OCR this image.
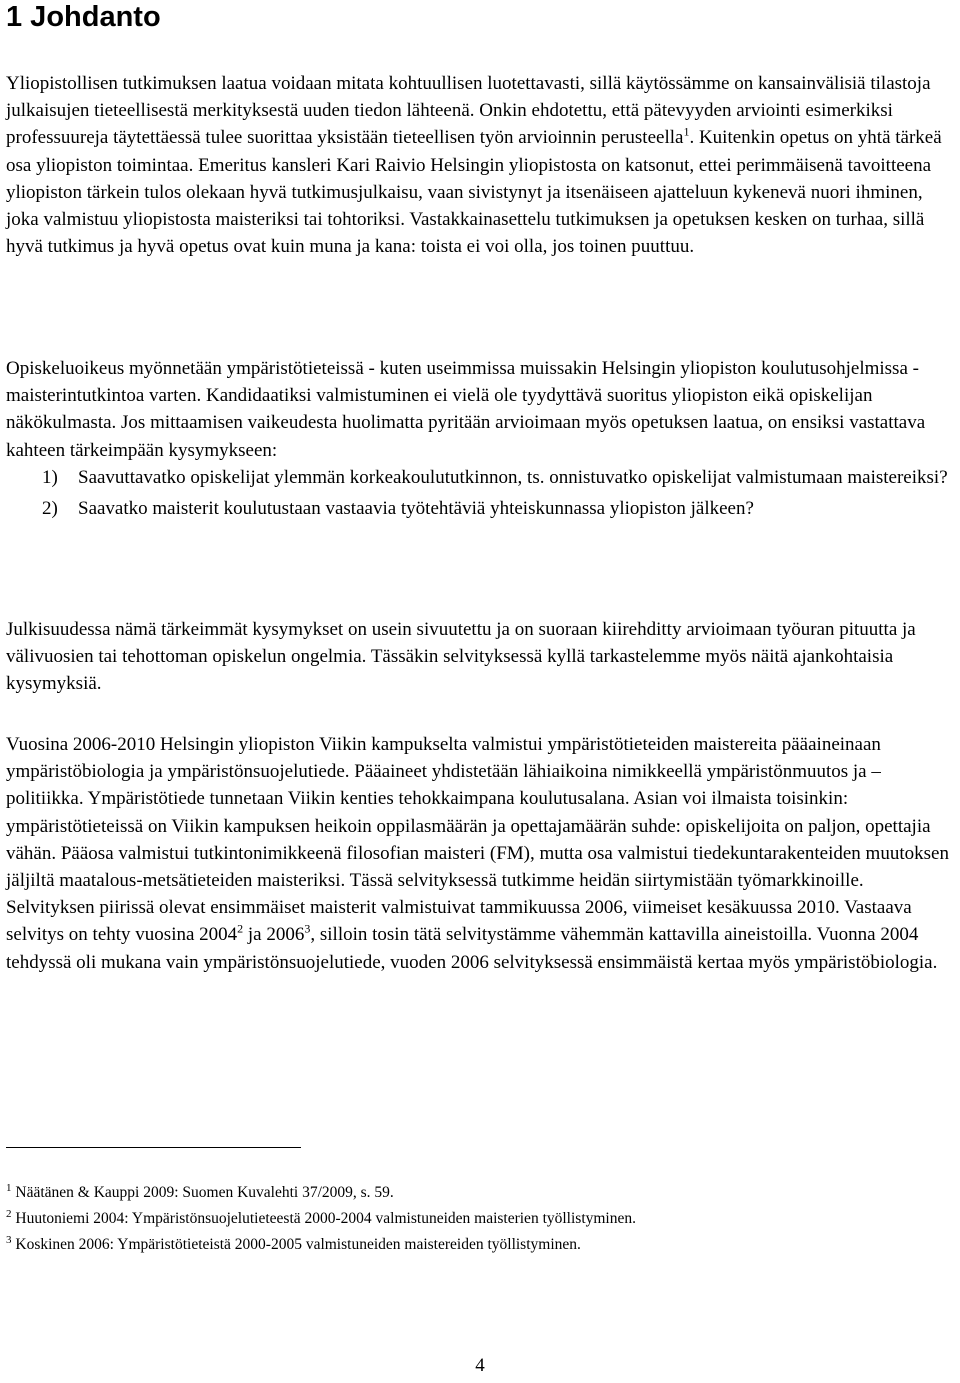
1 Johdanto

Yliopistollisen tutkimuksen laatua voidaan mitata kohtuullisen luotettavasti, sillä käytössämme on kansainvälisiä tilastoja julkaisujen tieteellisestä merkityksestä uuden tiedon lähteenä. Onkin ehdotettu, että pätevyyden arviointi esimerkiksi professuureja täytettäessä tulee suorittaa yksistään tieteellisen työn arvioinnin perusteella$^1$. Kuitenkin opetus on yhtä tärkeä osa yliopiston toimintaa. Emeritus kansleri Kari Raivio Helsingin yliopistosta on katsonut, ettei perimmäisenä tavoitteena yliopiston tärkein tulos olekaan hyvä tutkimusjulkaisu, vaan sivistynyt ja itsenäiseen ajatteluun kykenevä nuori ihminen, joka valmistuu yliopistosta maisteriksi tai tohtoriksi. Vastakkainasettelu tutkimuksen ja opetuksen kesken on turhaa, sillä hyvä tutkimus ja hyvä opetus ovat kuin muna ja kana: toista ei voi olla, jos toinen puuttuu.

Opiskeluoikeus myönnetään ympäristötieteissä - kuten useimmissa muissakin Helsingin yliopiston koulutusohjelmissa - maisterintutkintoa varten. Kandidaatiksi valmistuminen ei vielä ole tyydyttävä suoritus yliopiston eikä opiskelijan näkökulmasta. Jos mittaamisen vaikeudesta huolimatta pyritään arvioimaan myös opetuksen laatua, on ensiksi vastattava kahteen tärkeimpään kysymykseen:

1) Saavuttavatko opiskelijat ylemmän korkeakoulututkinnon, ts. onnistuvatko opiskelijat valmistumaan maistereiksi?
2) Saavatko maisterit koulutustaan vastaavia työtehtäviä yhteiskunnassa yliopiston jälkeen?

Julkisuudessa nämä tärkeimmät kysymykset on usein sivuutettu ja on suoraan kiirehditty arvioimaan työuran pituutta ja välivuosien tai tehottoman opiskelun ongelmia. Tässäkin selvityksessä kyllä tarkastelemme myös näitä ajankohtaisia kysymyksiä.

Vuosina 2006-2010 Helsingin yliopiston Viikin kampukselta valmistui ympäristötieteiden maistereita pääaineinaan ympäristöbiologia ja ympäristönsuojelutiede. Pääaineet yhdistetään lähiaikoina nimikkeellä ympäristönmuutos ja –politiikka. Ympäristötiede tunnetaan Viikin kenties tehokkaimpana koulutusalana. Asian voi ilmaista toisinkin: ympäristötieteissä on Viikin kampuksen heikoin oppilasmäärän ja opettajamäärän suhde: opiskelijoita on paljon, opettajia vähän. Pääosa valmistui tutkintonimikkeenä filosofian maisteri (FM), mutta osa valmistui tiedekuntarakenteiden muutoksen jäljiltä maatalous-metsätieteiden maisteriksi. Tässä selvityksessä tutkimme heidän siirtymistään työmarkkinoille. Selvityksen piirissä olevat ensimmäiset maisterit valmistuivat tammikuussa 2006, viimeiset kesäkuussa 2010. Vastaava selvitys on tehty vuosina 2004$^2$ ja 2006$^3$, silloin tosin tätä selvitystämme vähemmän kattavilla aineistoilla. Vuonna 2004 tehdyssä oli mukana vain ympäristönsuojelutiede, vuoden 2006 selvityksessä ensimmäistä kertaa myös ympäristöbiologia.

$^1$ Näätänen & Kauppi 2009: Suomen Kuvalehti 37/2009, s. 59.
$^2$ Huutoniemi 2004: Ympäristönsuojelutieteestä 2000-2004 valmistuneiden maisterien työllistyminen.
$^3$ Koskinen 2006: Ympäristötieteistä 2000-2005 valmistuneiden maistereiden työllistyminen.
4
